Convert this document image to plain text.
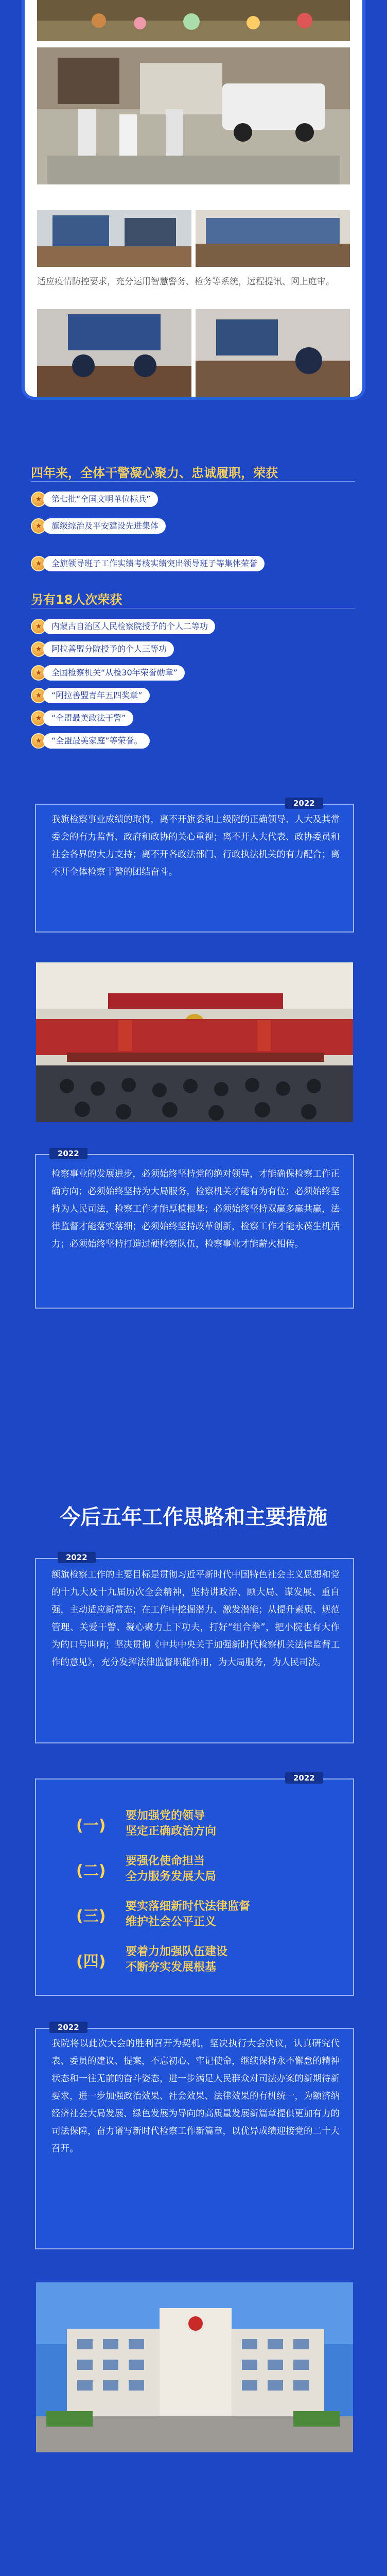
适应疫情防控要求，充分运用智慧警务、检务等系统，远程提讯、网上庭审。
四年来，全体干警凝心聚力、忠诚履职，荣获
★	第七批“全国文明单位标兵”
★	旗级综治及平安建设先进集体
★	全旗领导班子工作实绩考核实绩突出领导班子等集体荣誉
另有18人次荣获
★	内蒙古自治区人民检察院授予的个人二等功
★	阿拉善盟分院授予的个人三等功
★	全国检察机关“从检30年荣誉勋章”
★	“阿拉善盟青年五四奖章”
★	“全盟最美政法干警”
★	“全盟最美家庭”等荣誉。
2022
我旗检察事业成绩的取得，离不开旗委和上级院的正确领导、人大及其常委会的有力监督、政府和政协的关心重视；离不开人大代表、政协委员和社会各界的大力支持；离不开各政法部门、行政执法机关的有力配合；离不开全体检察干警的团结奋斗。
2022
检察事业的发展进步，必须始终坚持党的绝对领导，才能确保检察工作正确方向；必须始终坚持为大局服务，检察机关才能有为有位；必须始终坚持为人民司法，检察工作才能厚植根基；必须始终坚持双赢多赢共赢，法律监督才能落实落细；必须始终坚持改革创新，检察工作才能永葆生机活力；必须始终坚持打造过硬检察队伍，检察事业才能薪火相传。
今后五年工作思路和主要措施
2022
额旗检察工作的主要目标是贯彻习近平新时代中国特色社会主义思想和党的十九大及十九届历次全会精神，坚持讲政治、顾大局、谋发展、重自强，主动适应新常态；在工作中挖掘潜力、激发潜能；从提升素质、规范管理、关爱干警、凝心聚力上下功夫，打好“组合拳”，把小院也有大作为的口号叫响；坚决贯彻《中共中央关于加强新时代检察机关法律监督工作的意见》，充分发挥法律监督职能作用，为大局服务，为人民司法。
2022
(一)
要加强党的领导
坚定正确政治方向
(二)
要强化使命担当
全力服务发展大局
(三)
要实落细新时代法律监督
维护社会公平正义
(四)
要着力加强队伍建设
不断夯实发展根基
2022
我院将以此次大会的胜利召开为契机，坚决执行大会决议，认真研究代表、委员的建议、提案，不忘初心、牢记使命，继续保持永不懈怠的精神状态和一往无前的奋斗姿态，进一步满足人民群众对司法办案的新期待新要求，进一步加强政治效果、社会效果、法律效果的有机统一，为额济纳经济社会大局发展、绿色发展为导向的高质量发展新篇章提供更加有力的司法保障，奋力谱写新时代检察工作新篇章，以优异成绩迎接党的二十大召开。
